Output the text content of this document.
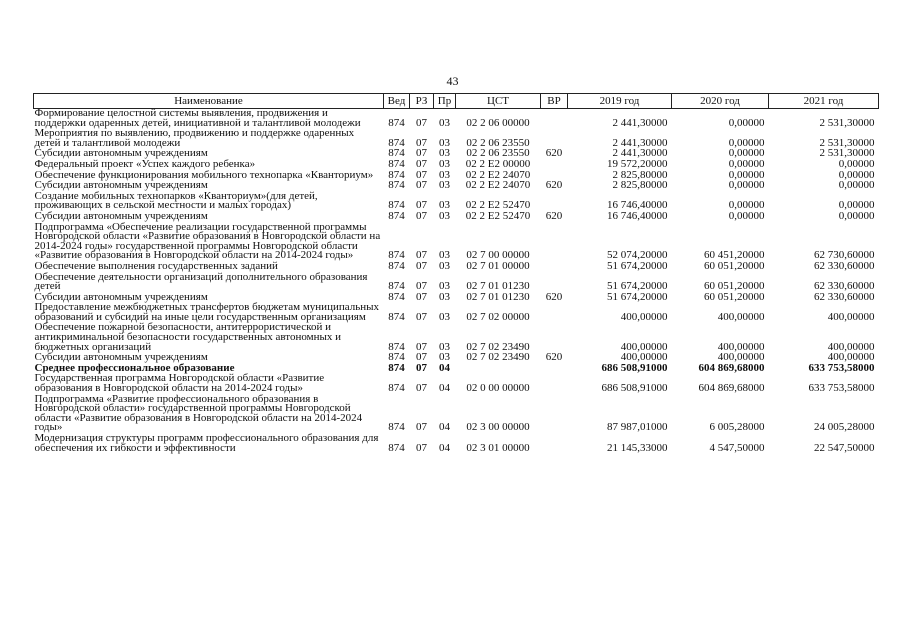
43
Наименование	Вед	РЗ	Пр	ЦСТ	ВР	2019 год	2020 год	2021 год
Формирование целостной системы выявления, продвижения и поддержки одаренных детей, инициативной и талантливой молодежи	874	07	03	02 2 06 00000		2 441,30000	0,00000	2 531,30000
Мероприятия по выявлению, продвижению и поддержке одаренных детей и талантливой молодежи	874	07	03	02 2 06 23550		2 441,30000	0,00000	2 531,30000
Субсидии автономным учреждениям	874	07	03	02 2 06 23550	620	2 441,30000	0,00000	2 531,30000
Федеральный проект «Успех каждого ребенка»	874	07	03	02 2 E2 00000		19 572,20000	0,00000	0,00000
Обеспечение функционирования мобильного технопарка «Кванториум»	874	07	03	02 2 E2 24070		2 825,80000	0,00000	0,00000
Субсидии автономным учреждениям	874	07	03	02 2 E2 24070	620	2 825,80000	0,00000	0,00000
Создание мобильных технопарков «Кванториум»(для детей, проживающих в сельской местности и малых городах)	874	07	03	02 2 E2 52470		16 746,40000	0,00000	0,00000
Субсидии автономным учреждениям	874	07	03	02 2 E2 52470	620	16 746,40000	0,00000	0,00000
Подпрограмма «Обеспечение реализации государственной программы Новгородской области «Развитие образования в Новгородской области на 2014-2024 годы» государственной программы Новгородской области «Развитие образования в Новгородской области на 2014-2024 годы»	874	07	03	02 7 00 00000		52 074,20000	60 451,20000	62 730,60000
Обеспечение выполнения государственных заданий	874	07	03	02 7 01 00000		51 674,20000	60 051,20000	62 330,60000
Обеспечение деятельности организаций дополнительного образования детей	874	07	03	02 7 01 01230		51 674,20000	60 051,20000	62 330,60000
Субсидии автономным учреждениям	874	07	03	02 7 01 01230	620	51 674,20000	60 051,20000	62 330,60000
Предоставление межбюджетных трансфертов бюджетам муниципальных образований и субсидий на иные цели государственным организациям	874	07	03	02 7 02 00000		400,00000	400,00000	400,00000
Обеспечение пожарной безопасности, антитеррористической и антикриминальной безопасности государственных автономных и бюджетных организаций	874	07	03	02 7 02 23490		400,00000	400,00000	400,00000
Субсидии автономным учреждениям	874	07	03	02 7 02 23490	620	400,00000	400,00000	400,00000
Среднее профессиональное образование	874	07	04			686 508,91000	604 869,68000	633 753,58000
Государственная программа Новгородской области «Развитие образования в Новгородской области на 2014-2024 годы»	874	07	04	02 0 00 00000		686 508,91000	604 869,68000	633 753,58000
Подпрограмма «Развитие профессионального образования в Новгородской области» государственной программы Новгородской области «Развитие образования в Новгородской области на 2014-2024 годы»	874	07	04	02 3 00 00000		87 987,01000	6 005,28000	24 005,28000
Модернизация структуры программ профессионального образования для обеспечения их гибкости и эффективности	874	07	04	02 3 01 00000		21 145,33000	4 547,50000	22 547,50000
